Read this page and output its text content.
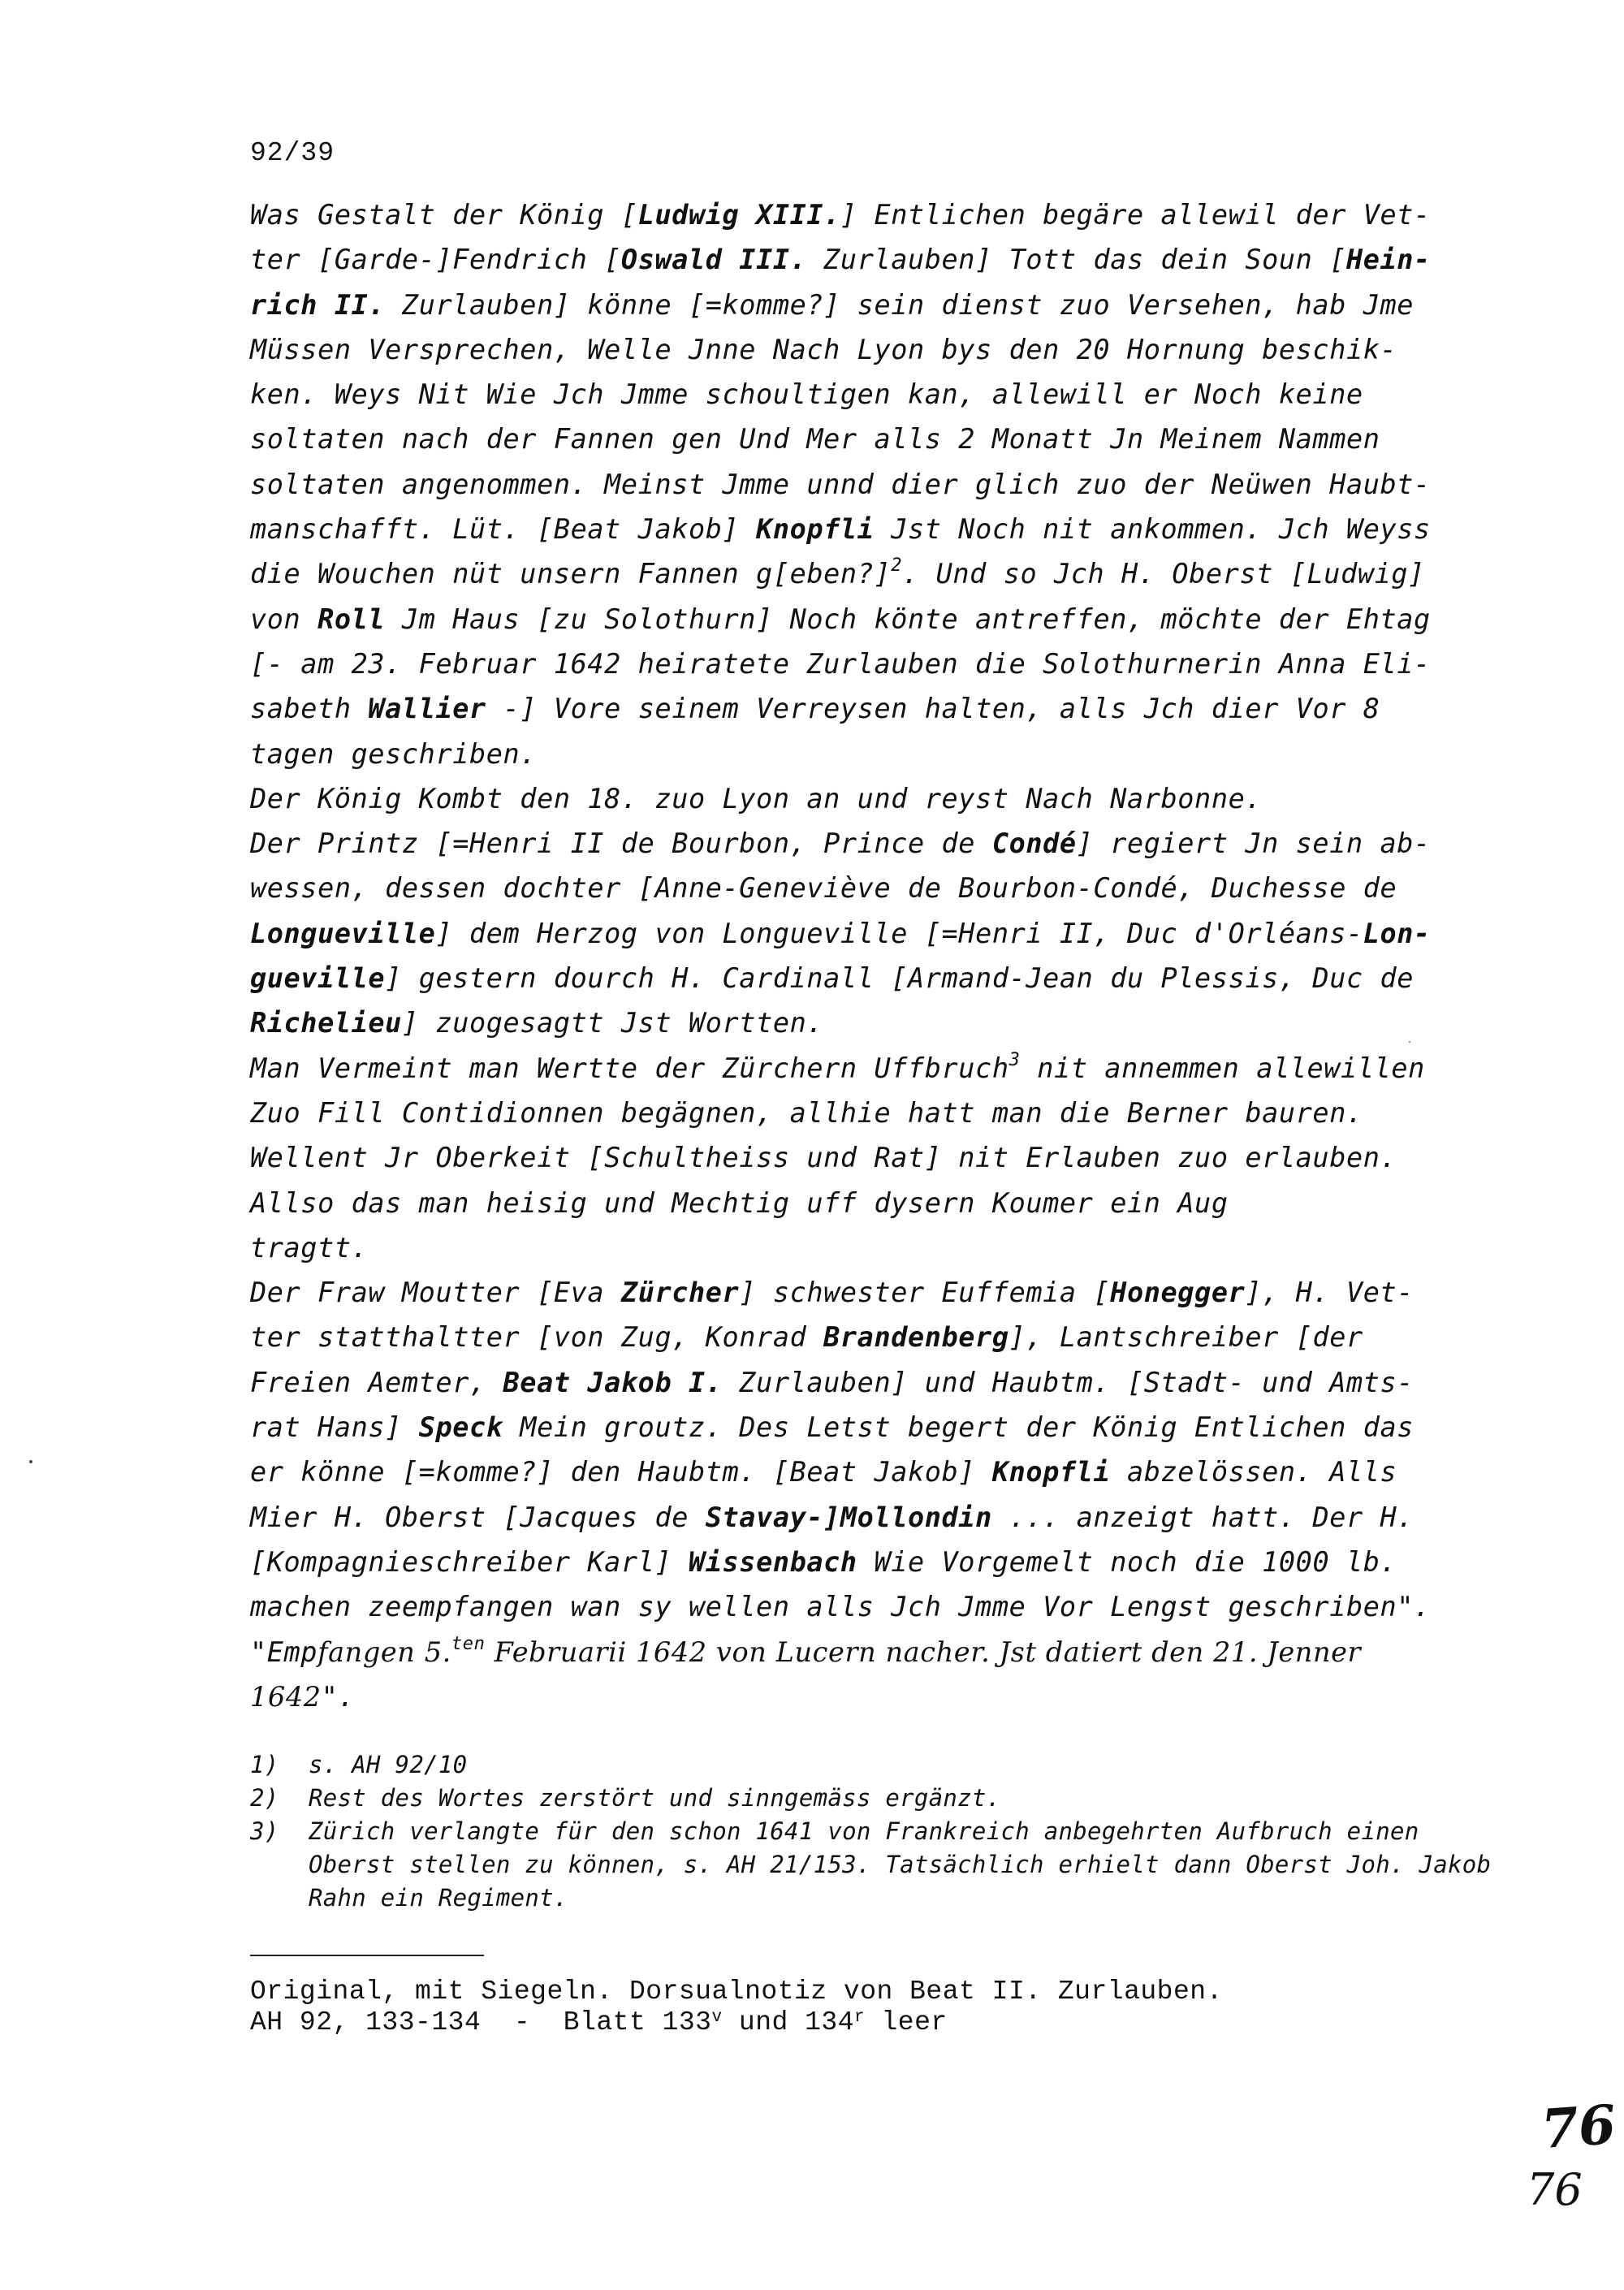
92/39
Was Gestalt der König [Ludwig XIII.] Entlichen begäre allewil der Vet-
ter [Garde-]Fendrich [Oswald III. Zurlauben] Tott das dein Soun [Hein-
rich II. Zurlauben] könne [=komme?] sein dienst zuo Versehen, hab Jme
Müssen Versprechen, Welle Jnne Nach Lyon bys den 20 Hornung beschik-
ken. Weys Nit Wie Jch Jmme schoultigen kan, allewill er Noch keine
soltaten nach der Fannen gen Und Mer alls 2 Monatt Jn Meinem Nammen
soltaten angenommen. Meinst Jmme unnd dier glich zuo der Neüwen Haubt-
manschafft. Lüt. [Beat Jakob] Knopfli Jst Noch nit ankommen. Jch Weyss
die Wouchen nüt unsern Fannen g[eben?]$^2$. Und so Jch H. Oberst [Ludwig]
von Roll Jm Haus [zu Solothurn] Noch könte antreffen, möchte der Ehtag
[- am 23. Februar 1642 heiratete Zurlauben die Solothurnerin Anna Eli-
sabeth Wallier -] Vore seinem Verreysen halten, alls Jch dier Vor 8
tagen geschriben.
Der König Kombt den 18. zuo Lyon an und reyst Nach Narbonne.
Der Printz [=Henri II de Bourbon, Prince de Condé] regiert Jn sein ab-
wessen, dessen dochter [Anne-Geneviève de Bourbon-Condé, Duchesse de
Longueville] dem Herzog von Longueville [=Henri II, Duc d'Orléans-Lon-
gueville] gestern dourch H. Cardinall [Armand-Jean du Plessis, Duc de
Richelieu] zuogesagtt Jst Wortten.
Man Vermeint man Wertte der Zürchern Uffbruch$^3$ nit annemmen allewillen
Zuo Fill Contidionnen begägnen, allhie hatt man die Berner bauren.
Wellent Jr Oberkeit [Schultheiss und Rat] nit Erlauben zuo erlauben.
Allso das man heisig und Mechtig uff dysern Koumer ein Aug
tragtt.
Der Fraw Moutter [Eva Zürcher] schwester Euffemia [Honegger], H. Vet-
ter statthaltter [von Zug, Konrad Brandenberg], Lantschreiber [der
Freien Aemter, Beat Jakob I. Zurlauben] und Haubtm. [Stadt- und Amts-
rat Hans] Speck Mein groutz. Des Letst begert der König Entlichen das
er könne [=komme?] den Haubtm. [Beat Jakob] Knopfli abzelössen. Alls
Mier H. Oberst [Jacques de Stavay-]Mollondin ... anzeigt hatt. Der H.
[Kompagnieschreiber Karl] Wissenbach Wie Vorgemelt noch die 1000 lb.
machen zeempfangen wan sy wellen alls Jch Jmme Vor Lengst geschriben".
"Empfangen 5.$^{ten}$ Februarii 1642 von Lucern nacher. Jst datiert den 21. Jenner
1642".
1)	s. AH 92/10
2)	Rest des Wortes zerstört und sinngemäss ergänzt.
3)	Zürich verlangte für den schon 1641 von Frankreich anbegehrten Aufbruch einen Oberst stellen zu können, s. AH 21/153. Tatsächlich erhielt dann Oberst Joh. Jakob Rahn ein Regiment.
Original, mit Siegeln. Dorsualnotiz von Beat II. Zurlauben.
AH 92, 133-134  -  Blatt 133$^v$ und 134$^r$ leer
76
76
